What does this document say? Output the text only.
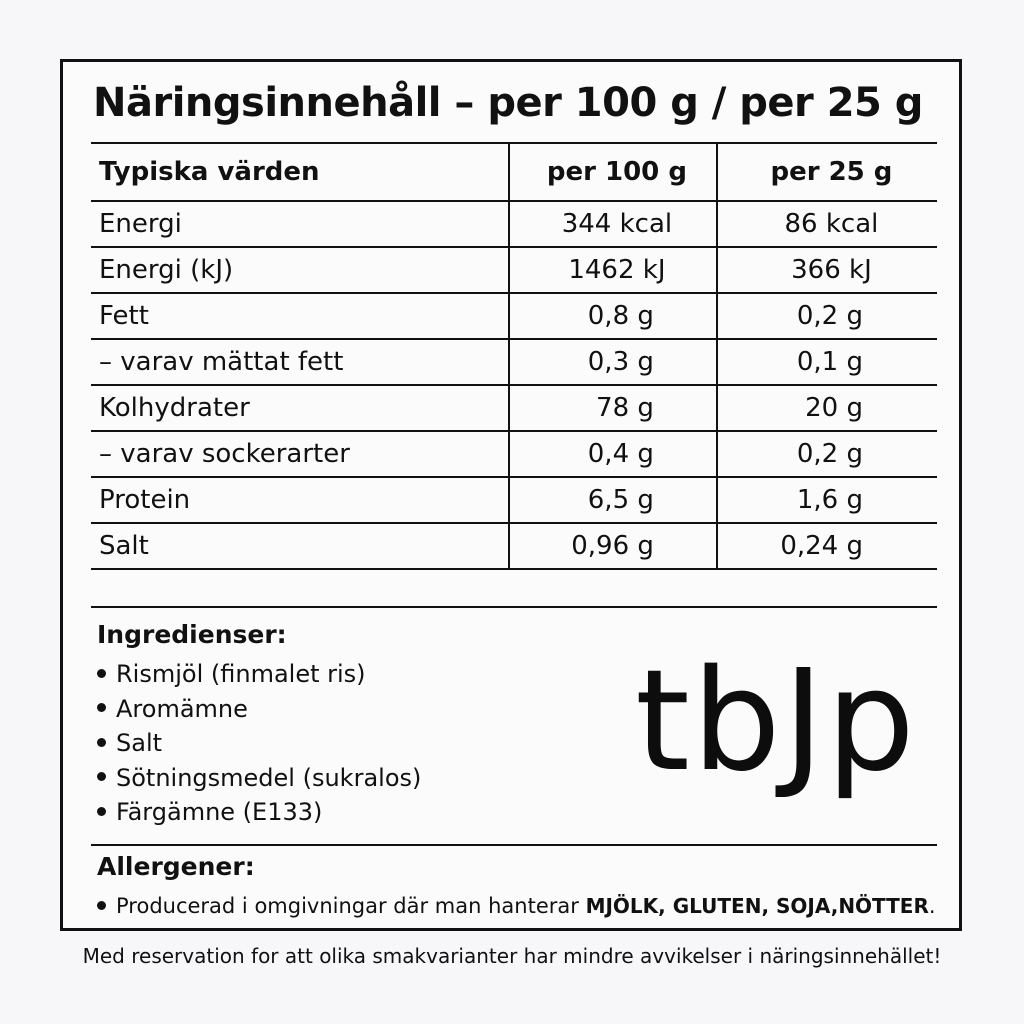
Näringsinnehåll – per 100 g / per 25 g
Typiska värden	per 100 g	per 25 g
Energi	344 kcal	86 kcal
Energi (kJ)	1462 kJ	366 kJ
Fett	0,8 g	0,2 g
– varav mättat fett	0,3 g	0,1 g
Kolhydrater	78 g	20 g
– varav sockerarter	0,4 g	0,2 g
Protein	6,5 g	1,6 g
Salt	0,96 g	0,24 g
Ingredienser:
Rismjöl (finmalet ris)
Aromämne
Salt
Sötningsmedel (sukralos)
Färgämne (E133)
tbJp
Allergener:
Producerad i omgivningar där man hanterar MJÖLK, GLUTEN, SOJA,NÖTTER.
Med reservation for att olika smakvarianter har mindre avvikelser i näringsinnehället!
